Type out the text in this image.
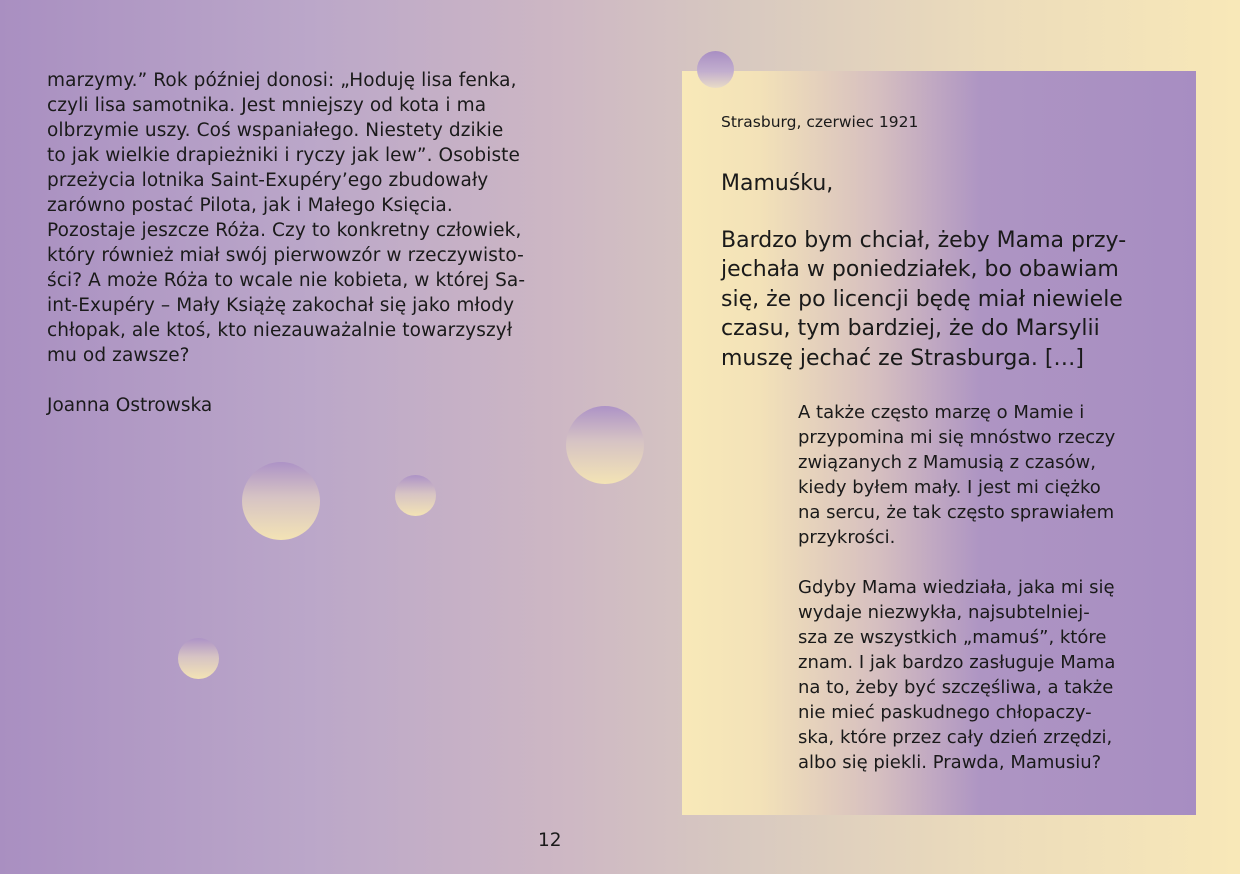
marzymy.” Rok później donosi: „Hoduję lisa fenka,

czyli lisa samotnika. Jest mniejszy od kota i ma

olbrzymie uszy. Coś wspaniałego. Niestety dzikie

to jak wielkie drapieżniki i ryczy jak lew”. Osobiste

przeżycia lotnika Saint-Exupéry’ego zbudowały

zarówno postać Pilota, jak i Małego Księcia.

Pozostaje jeszcze Róża. Czy to konkretny człowiek,

który również miał swój pierwowzór w rzeczywisto-

ści? A może Róża to wcale nie kobieta, w której Sa-

int-Exupéry – Mały Książę zakochał się jako młody

chłopak, ale ktoś, kto niezauważalnie towarzyszył

mu od zawsze?

Joanna Ostrowska
Strasburg, czerwiec 1921
Mamuśku,
Bardzo bym chciał, żeby Mama przy-
jechała w poniedziałek, bo obawiam
się, że po licencji będę miał niewiele
czasu, tym bardziej, że do Marsylii
muszę jechać ze Strasburga. […]

A także często marzę o Mamie i
przypomina mi się mnóstwo rzeczy
związanych z Mamusią z czasów,
kiedy byłem mały. I jest mi ciężko
na sercu, że tak często sprawiałem
przykrości.

Gdyby Mama wiedziała, jaka mi się
wydaje niezwykła, najsubtelniej-
sza ze wszystkich „mamuś”, które
znam. I jak bardzo zasługuje Mama
na to, żeby być szczęśliwa, a także
nie mieć paskudnego chłopaczy-
ska, które przez cały dzień zrzędzi,
albo się piekli. Prawda, Mamusiu?

12
